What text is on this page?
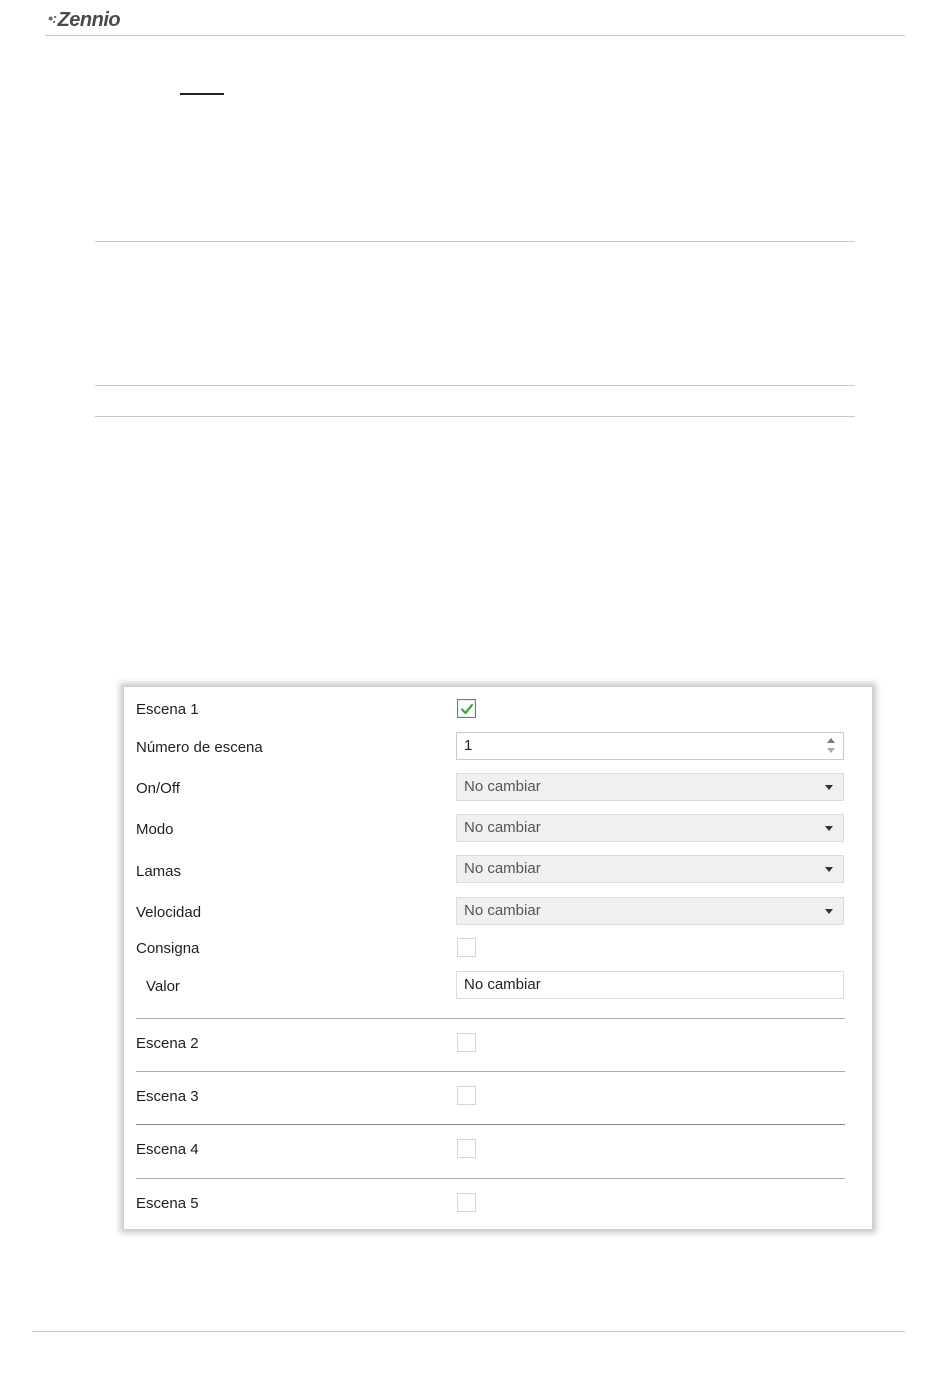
•:Zennio
Escena 1
Número de escena	1
On/Off	No cambiar
Modo	No cambiar
Lamas	No cambiar
Velocidad	No cambiar
Consigna
Valor	No cambiar
Escena 2
Escena 3
Escena 4
Escena 5
